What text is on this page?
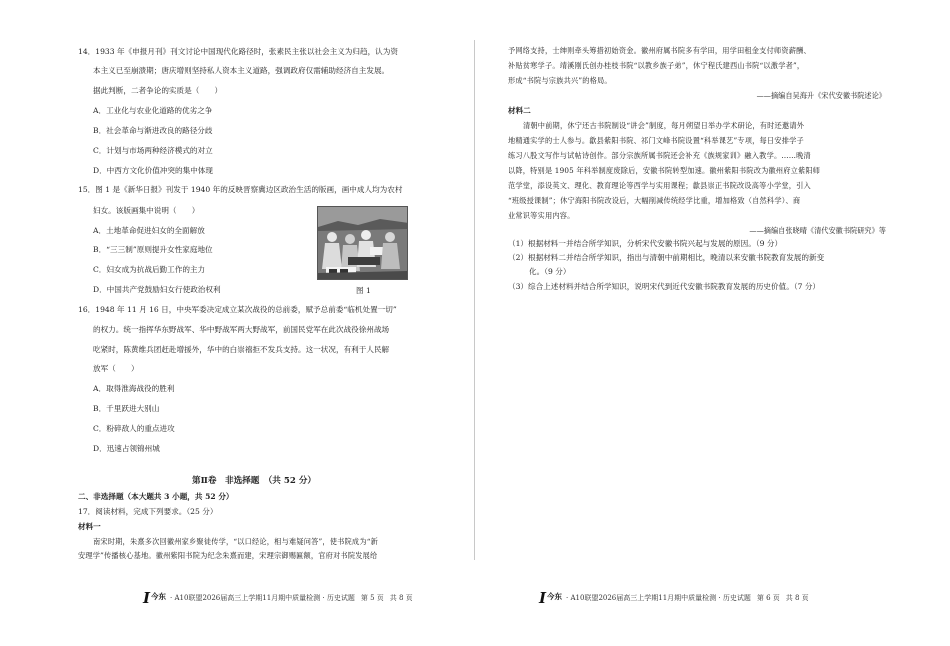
14．1933 年《申报月刊》刊文讨论中国现代化路径时，张素民主张以社会主义为归趋，认为资
本主义已至崩溃期；唐庆增则坚持私人资本主义道路，强调政府仅需辅助经济自主发展。
据此判断，二者争论的实质是（　　）
A．工业化与农业化道路的优劣之争
B．社会革命与渐进改良的路径分歧
C．计划与市场两种经济模式的对立
D．中西方文化价值冲突的集中体现
15．图 1 是《新华日报》刊发于 1940 年的反映晋察冀边区政治生活的版画，画中成人均为农村
妇女。该版画集中说明（　　）
A．土地革命促进妇女的全面解放
B．“三三制”原则提升女性家庭地位
C．妇女成为抗战后勤工作的主力
D．中国共产党鼓励妇女行使政治权利	图 1
16．1948 年 11 月 16 日，中央军委决定成立某次战役的总前委，赋予总前委“临机处置一切”
的权力。统一指挥华东野战军、华中野战军两大野战军，前国民党军在此次战役徐州战场
吃紧时，陈黄维兵团赶赴增援外，华中的白崇禧拒不发兵支持。这一状况，有利于人民解
放军（　　）
A．取得淮海战役的胜利
B．千里跃进大别山
C．粉碎敌人的重点进攻
D．迅速占领锦州城
第Ⅱ卷　非选择题　（共 52 分）
二、非选择题（本大题共 3 小题，共 52 分）
17．阅读材料，完成下列要求。（25 分）
材料一
南宋时期，朱熹多次回徽州家乡聚徒传学，“以口经论，相与难疑问答”，使书院成为“新
安理学”传播核心基地。徽州紫阳书院为纪念朱熹而建，宋理宗御赐匾额，官府对书院发展给
Ⅰ 今东 · A10联盟2026届高三上学期11月期中质量检测 · 历史试题 第 5 页 共 8 页
予网络支持，士绅则牵头筹措初始资金。徽州府属书院多有学田，用学田租金支付师资薪酬、
补贴贫寒学子。靖溪刚氏创办桂枝书院“以教乡族子弟”，休宁程氏建西山书院“以激学者”，
形成“书院与宗族共兴”的格局。
——摘编自吴海升《宋代安徽书院述论》
材料二
清朝中前期，休宁还古书院制设“讲会”制度，每月朔望日举办学术研论，有时还邀请外
地精通实学的士人参与。歙县紫阳书院、祁门文峰书院设置“科举课艺”专项，每日安排学子
练习八股文写作与试帖诗创作。部分宗族所属书院还会补充《族规家训》融入教学。……晚清
以降，特别是 1905 年科举制度废除后，安徽书院转型加速。徽州紫阳书院改为徽州府立紫阳师
范学堂，添设英文、理化、教育理论等西学与实用课程；歙县崇正书院改设高等小学堂，引入
“班级授课制”；休宁海阳书院改设后，大幅削减传统经学比重，增加格致（自然科学）、商
业常识等实用内容。
——摘编自张晓晴《清代安徽书院研究》等
（1）根据材料一并结合所学知识，分析宋代安徽书院兴起与发展的原因。（9 分）
（2）根据材料二并结合所学知识，指出与清朝中前期相比，晚清以来安徽书院教育发展的新变
化。（9 分）
（3）综合上述材料并结合所学知识，说明宋代到近代安徽书院教育发展的历史价值。（7 分）
Ⅰ 今东 · A10联盟2026届高三上学期11月期中质量检测 · 历史试题 第 6 页 共 8 页
